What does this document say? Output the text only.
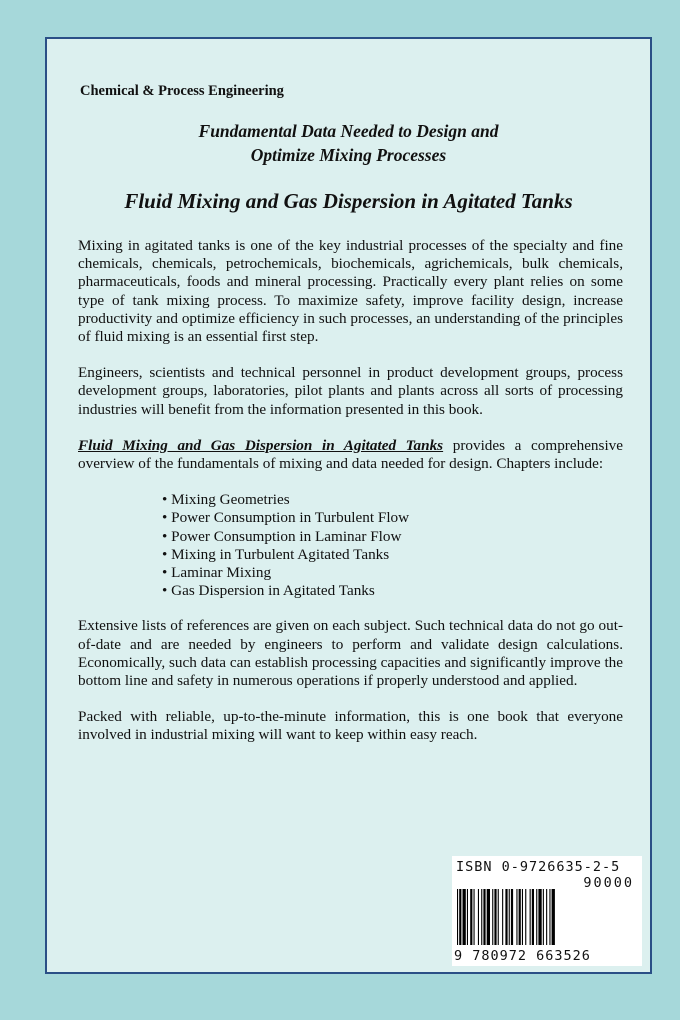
Chemical & Process Engineering
Fundamental Data Needed to Design and
Optimize Mixing Processes
Fluid Mixing and Gas Dispersion in Agitated Tanks

Mixing in agitated tanks is one of the key industrial processes of the specialty and fine chemicals, chemicals, petrochemicals, biochemicals, agrichemicals, bulk chemicals, pharmaceuticals, foods and mineral processing. Practically every plant relies on some type of tank mixing process. To maximize safety, improve facility design, increase productivity and optimize efficiency in such processes, an understanding of the principles of fluid mixing is an essential first step.

Engineers, scientists and technical personnel in product development groups, process development groups, laboratories, pilot plants and plants across all sorts of processing industries will benefit from the information presented in this book.

Fluid Mixing and Gas Dispersion in Agitated Tanks provides a comprehensive overview of the fundamentals of mixing and data needed for design. Chapters include:

• Mixing Geometries
• Power Consumption in Turbulent Flow
• Power Consumption in Laminar Flow
• Mixing in Turbulent Agitated Tanks
• Laminar Mixing
• Gas Dispersion in Agitated Tanks

Extensive lists of references are given on each subject. Such technical data do not go out-of-date and are needed by engineers to perform and validate design calculations. Economically, such data can establish processing capacities and significantly improve the bottom line and safety in numerous operations if properly understood and applied.

Packed with reliable, up-to-the-minute information, this is one book that everyone involved in industrial mixing will want to keep within easy reach.

ISBN 0-9726635-2-5
90000
9 780972 663526
